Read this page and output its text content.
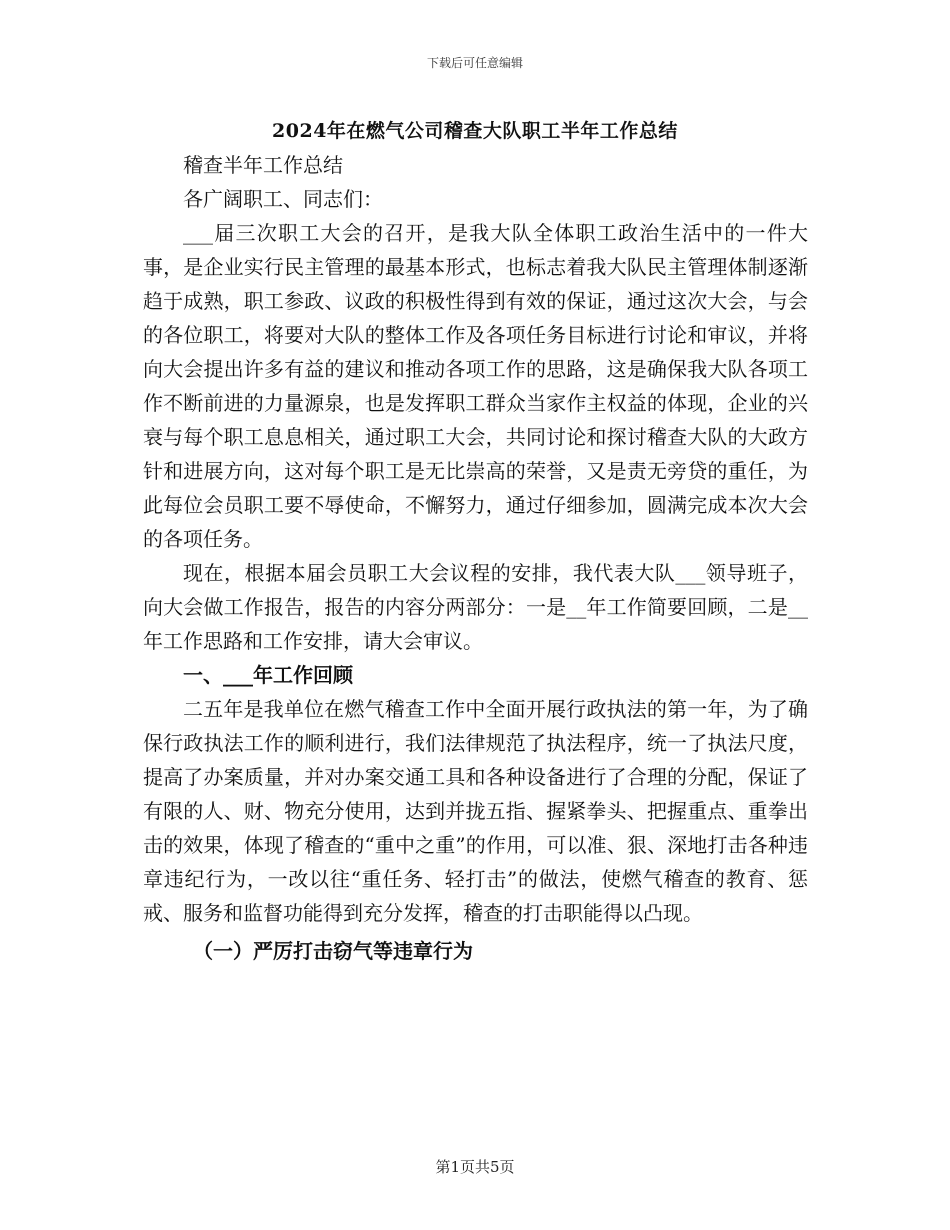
下载后可任意编辑
2024年在燃气公司稽查大队职工半年工作总结

稽查半年工作总结

各广阔职工、同志们：

___届三次职工大会的召开，是我大队全体职工政治生活中的一件大事，是企业实行民主管理的最基本形式，也标志着我大队民主管理体制逐渐趋于成熟，职工参政、议政的积极性得到有效的保证，通过这次大会，与会的各位职工，将要对大队的整体工作及各项任务目标进行讨论和审议，并将向大会提出许多有益的建议和推动各项工作的思路，这是确保我大队各项工作不断前进的力量源泉，也是发挥职工群众当家作主权益的体现，企业的兴衰与每个职工息息相关，通过职工大会，共同讨论和探讨稽查大队的大政方针和进展方向，这对每个职工是无比崇高的荣誉，又是责无旁贷的重任，为此每位会员职工要不辱使命，不懈努力，通过仔细参加，圆满完成本次大会的各项任务。

现在，根据本届会员职工大会议程的安排，我代表大队___领导班子，向大会做工作报告，报告的内容分两部分：一是__年工作简要回顾，二是__年工作思路和工作安排，请大会审议。

一、___年工作回顾

二五年是我单位在燃气稽查工作中全面开展行政执法的第一年，为了确保行政执法工作的顺利进行，我们法律规范了执法程序，统一了执法尺度，提高了办案质量，并对办案交通工具和各种设备进行了合理的分配，保证了有限的人、财、物充分使用，达到并拢五指、握紧拳头、把握重点、重拳出击的效果，体现了稽查的“重中之重”的作用，可以准、狠、深地打击各种违章违纪行为，一改以往“重任务、轻打击”的做法，使燃气稽查的教育、惩戒、服务和监督功能得到充分发挥，稽查的打击职能得以凸现。

（一）严厉打击窃气等违章行为

第1页共5页
